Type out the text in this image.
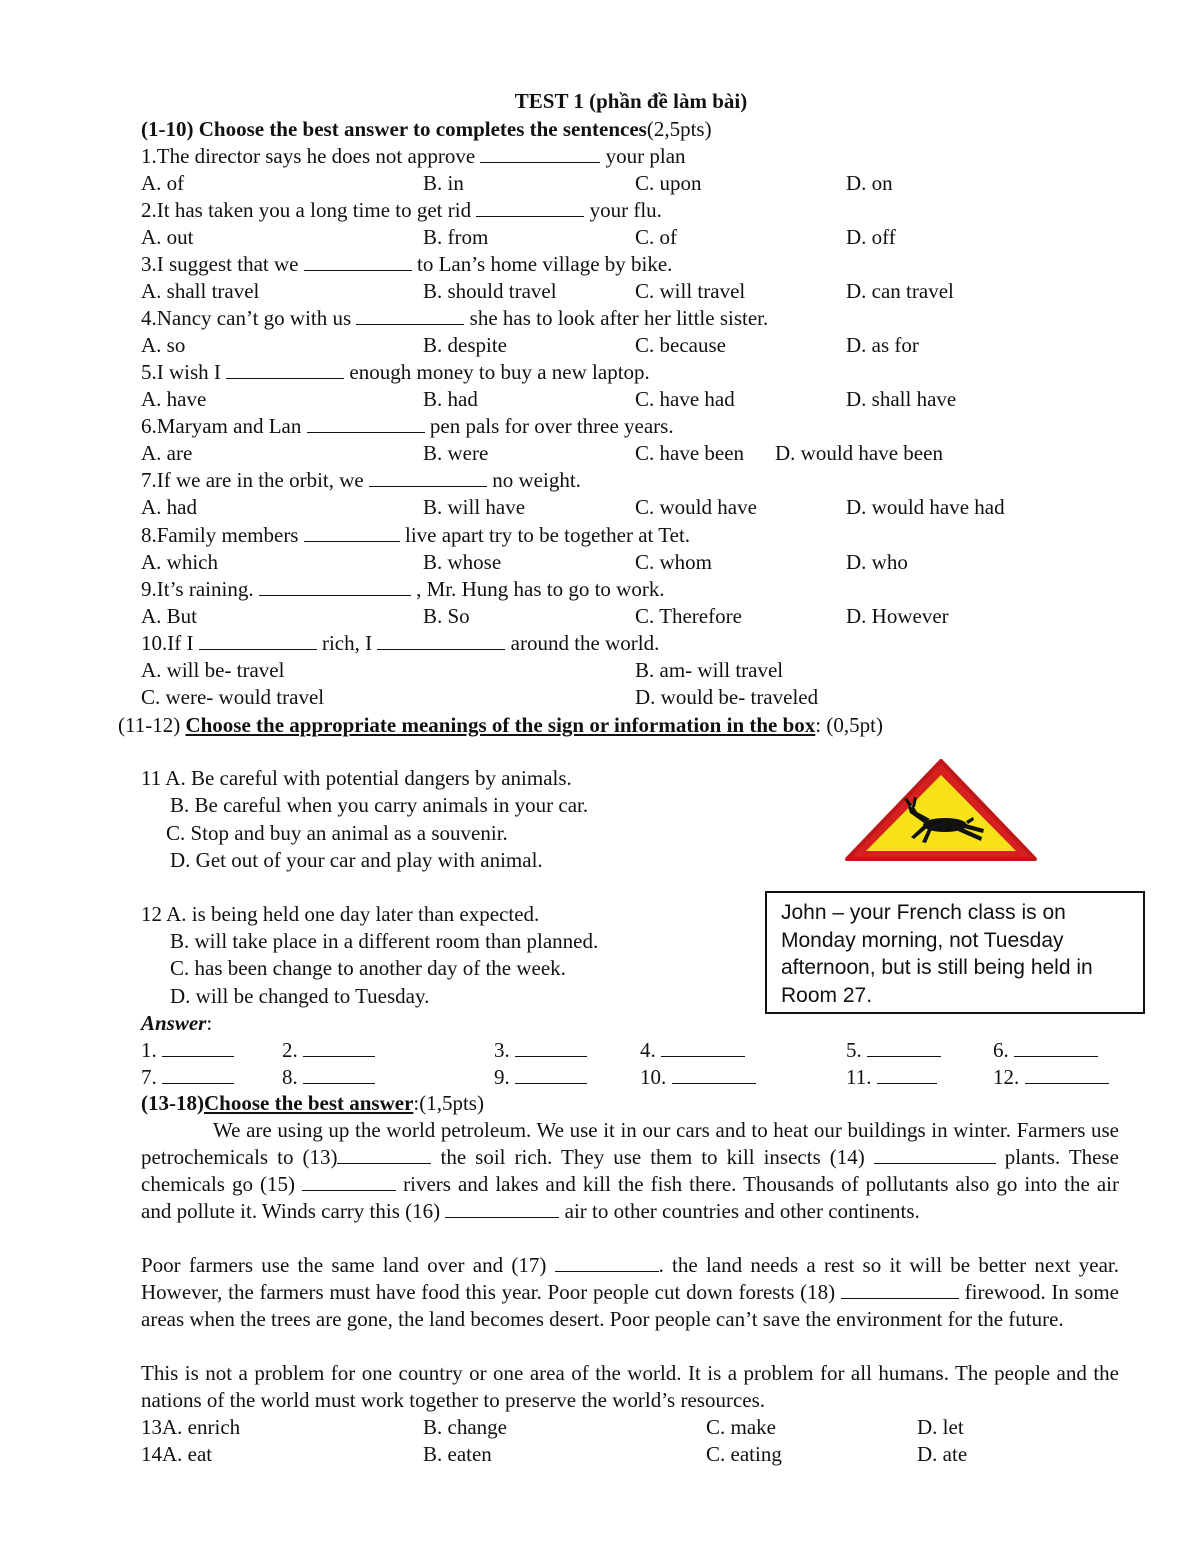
TEST 1 (phần đề làm bài)
(1-10) Choose the best answer to completes the sentences(2,5pts)
1.The director says he does not approve	your plan
A. of	B. in	C. upon	D. on
2.It has taken you a long time to get rid	your flu.
A. out	B. from	C. of	D. off
3.I suggest that we	to Lan’s home village by bike.
A. shall travel	B. should travel	C. will travel	D. can travel
4.Nancy can’t go with us	she has to look after her little sister.
A. so	B. despite	C. because	D. as for
5.I wish I	enough money to buy a new laptop.
A. have	B. had	C. have had	D. shall have
6.Maryam and Lan	pen pals for over three years.
A. are	B. were	C. have been D. would have been
7.If we are in the orbit, we	no weight.
A. had	B. will have	C. would have	D. would have had
8.Family members	live apart try to be together at Tet.
A. which	B. whose	C. whom	D. who
9.It’s raining.	, Mr. Hung has to go to work.
A. But	B. So	C. Therefore	D. However
10.If I	rich, I	around the world.
A. will be- travel	B. am- will travel
C. were- would travel	D. would be- traveled
(11-12) Choose the appropriate meanings of the sign or information in the box: (0,5pt)
11 A. Be careful with potential dangers by animals.
B. Be careful when you carry animals in your car.
C. Stop and buy an animal as a souvenir.
D. Get out of your car and play with animal.
12 A. is being held one day later than expected.
B. will take place in a different room than planned.
C. has been change to another day of the week.
D. will be changed to Tuesday.
John – your French class is on
Monday morning, not Tuesday
afternoon, but is still being held in
Room 27.
Answer:
1.	2.	3.	4.	5.	6.
7.	8.	9.	10.	11.	12.
(13-18)Choose the best answer:(1,5pts)
We are using up the world petroleum. We use it in our cars and to heat our buildings in winter. Farmers use petrochemicals to (13)	the soil rich. They use them to kill insects (14)	plants. These chemicals go (15)	rivers and lakes and kill the fish there. Thousands of pollutants also go into the air and pollute it. Winds carry this (16)	air to other countries and other continents.
Poor farmers use the same land over and (17)	. the land needs a rest so it will be better next year. However, the farmers must have food this year. Poor people cut down forests (18)	firewood. In some areas when the trees are gone, the land becomes desert. Poor people can’t save the environment for the future.
This is not a problem for one country or one area of the world. It is a problem for all humans. The people and the nations of the world must work together to preserve the world’s resources.
13A. enrich	B. change	C. make	D. let
14A. eat	B. eaten	C. eating	D. ate
